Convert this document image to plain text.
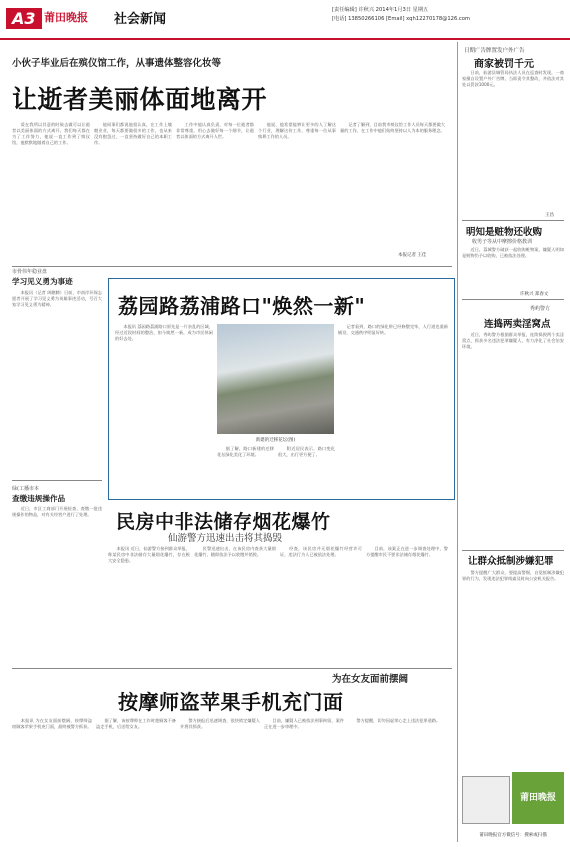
A3 莆田晚报 社会新闻
[责任编辑] 许秋兴 2014年1月3日 星期五
[电话] 13850266106 [Email] xqh12270178@126.com
小伙子毕业后在殡仪馆工作，从事遗体整容化妆等
让逝者美丽体面地离开
　　爱在我所以其意的时候去做可以让逝者以美丽体面的方式离开。我们每天都在为了工作努力，他说一直工作到了殡仪馆，他默默地做着自己的工作。
　　他同事们都说他很认真，在工作上兢兢业业，每天都要做很多的工作，也从来没有抱怨过，一直坚持做好自己的本职工作。
　　工作中他认真负责，对每一位逝者都非常尊重，用心去做好每一个细节，让逝者以体面的方式离开人世。
　　他说，他希望能够让更多的人了解这个行业，理解这份工作，尊重每一位从事殡葬工作的人员。
　　记者了解到，目前我市殡仪馆工作人员每天都要做大量的工作，在工作中他们始终坚持以人为本的服务理念。
本报记者 王佳
市骨伟年稳业盘
学习见义勇为事迹
　　本报讯（记者 周鹏腾）日前，市南岸环保志愿者开展了学习见义勇为英雄事迹活动，号召大家学习见义勇为精神。
绿(工播市本
查缴违规操作品
　　近日，市区工商部门开展检查，查缴一批违规操作的物品，对有关经营户进行了处理。
荔园路荔浦路口"焕然一新"
　　本报讯 荔园路荔浦路口原先是一片杂乱的区域，经过近段时间的整治，如今焕然一新，成为市民休闲的好去处。
新建的迁移花坛(图)
　　据了解，路口新建的迁移花坛绿化美化了环境。
　　附近居民表示，路口变化很大，出行更方便了。
　　记者看到，路口的绿化带已经修整完毕，人行道也重新铺设，交通秩序明显好转。
民房中非法储存烟花爆竹
仙游警方迅速出击将其捣毁
　　本报讯 近日，仙游警方接到群众举报，称某民房中非法储存大量烟花爆竹，存在极大安全隐患。
　　民警迅速出击，在该民房内查获大量烟花爆竹，随即依法予以收缴并销毁。
　　经查，该民房并无烟花爆竹经营许可证，违法行为人已被依法处理。
　　目前，该案正在进一步调查处理中，警方提醒市民不要非法储存烟花爆竹。
为在女友面前摆阔
按摩师盗苹果手机充门面
　　本报讯 为在女友面前摆阔，按摩师盗窃顾客苹果手机充门面，最终被警方抓获。
　　据了解，该按摩师在工作时趁顾客不备盗走手机，后送给女友。
　　警方接报后迅速调查，很快锁定嫌疑人并将其抓获。
　　目前，嫌疑人已被依法刑事拘留，案件正在进一步审理中。
　　警方提醒，切勿因虚荣心走上违法犯罪道路。
日期广告牌置发户外广告
商家被罚千元
　　日前，仙游县城管局执法人员在巡查时发现，一商家擅自设置户外广告牌，当即责令其整改，并依法对其处以罚款1000元。
王昌
明知是赃物还收购
收男子等从中摩擦价格教训
　　近日，荔城警方破获一起收购赃物案，嫌疑人明知是赃物仍予以收购，已被依法处理。
许秋兴 郑春文
秀屿警方
连捣两卖淫窝点
　　近日，秀屿警方根据群众举报，连续捣毁两个卖淫窝点，抓获多名违法犯罪嫌疑人，有力净化了社会治安环境。
让群众抵制涉嫌犯罪
　　警方提醒广大群众，要提高警惕，自觉抵制涉嫌犯罪的行为，发现违法犯罪线索及时向公安机关报告。
莆田晚报
莆田晚报官方微信号：搜索或扫描
